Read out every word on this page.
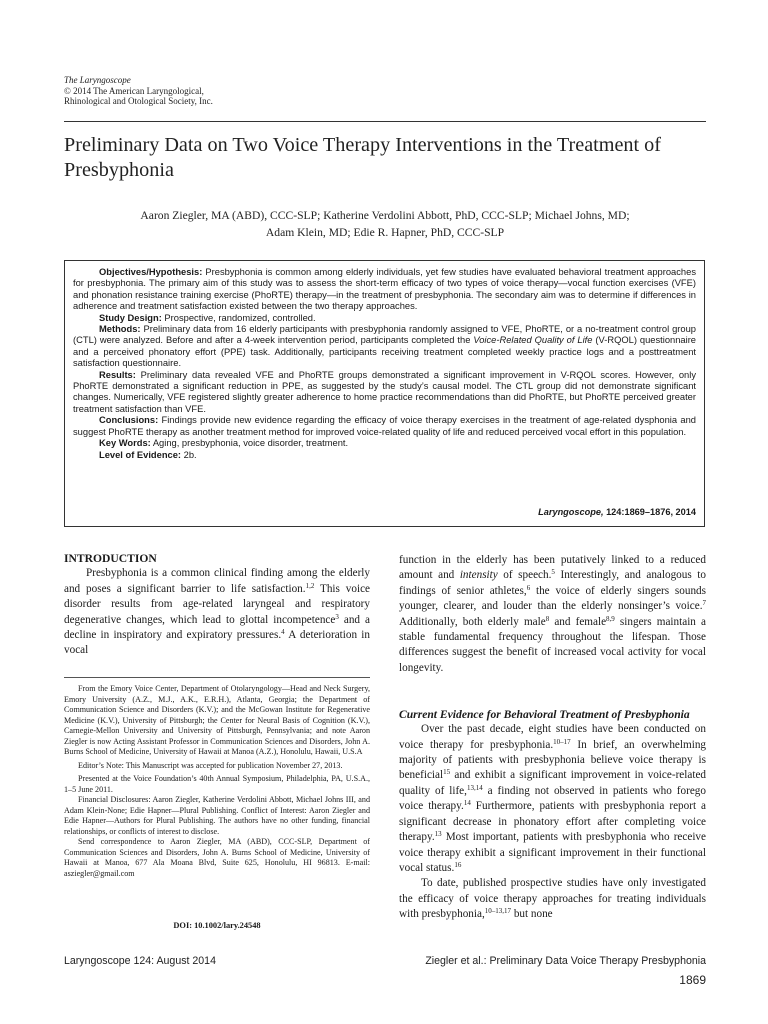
The Laryngoscope
© 2014 The American Laryngological,
Rhinological and Otological Society, Inc.
Preliminary Data on Two Voice Therapy Interventions in the Treatment of Presbyphonia
Aaron Ziegler, MA (ABD), CCC-SLP; Katherine Verdolini Abbott, PhD, CCC-SLP; Michael Johns, MD;
Adam Klein, MD; Edie R. Hapner, PhD, CCC-SLP

Objectives/Hypothesis: Presbyphonia is common among elderly individuals, yet few studies have evaluated behavioral treatment approaches for presbyphonia. The primary aim of this study was to assess the short-term efficacy of two types of voice therapy—vocal function exercises (VFE) and phonation resistance training exercise (PhoRTE) therapy—in the treatment of presbyphonia. The secondary aim was to determine if differences in adherence and treatment satisfaction existed between the two therapy approaches.

Study Design: Prospective, randomized, controlled.

Methods: Preliminary data from 16 elderly participants with presbyphonia randomly assigned to VFE, PhoRTE, or a no-treatment control group (CTL) were analyzed. Before and after a 4-week intervention period, participants completed the Voice-Related Quality of Life (V-RQOL) questionnaire and a perceived phonatory effort (PPE) task. Additionally, participants receiving treatment completed weekly practice logs and a posttreatment satisfaction questionnaire.

Results: Preliminary data revealed VFE and PhoRTE groups demonstrated a significant improvement in V-RQOL scores. However, only PhoRTE demonstrated a significant reduction in PPE, as suggested by the study’s causal model. The CTL group did not demonstrate significant changes. Numerically, VFE registered slightly greater adherence to home practice recommendations than did PhoRTE, but PhoRTE perceived greater treatment satisfaction than VFE.

Conclusions: Findings provide new evidence regarding the efficacy of voice therapy exercises in the treatment of age-related dysphonia and suggest PhoRTE therapy as another treatment method for improved voice-related quality of life and reduced perceived vocal effort in this population.

Key Words: Aging, presbyphonia, voice disorder, treatment.

Level of Evidence: 2b.

Laryngoscope, 124:1869–1876, 2014
INTRODUCTION

Presbyphonia is a common clinical finding among the elderly and poses a significant barrier to life satisfaction.$^{1,2}$ This voice disorder results from age-related laryngeal and respiratory degenerative changes, which lead to glottal incompetence$^3$ and a decline in inspiratory and expiratory pressures.$^4$ A deterioration in vocal

From the Emory Voice Center, Department of Otolaryngology—Head and Neck Surgery, Emory University (A.Z., M.J., A.K., E.R.H.), Atlanta, Georgia; the Department of Communication Science and Disorders (K.V.); and the McGowan Institute for Regenerative Medicine (K.V.), University of Pittsburgh; the Center for Neural Basis of Cognition (K.V.), Carnegie-Mellon University and University of Pittsburgh, Pennsylvania; and note Aaron Ziegler is now Acting Assistant Professor in Communication Sciences and Disorders, John A. Burns School of Medicine, University of Hawaii at Manoa (A.Z.), Honolulu, Hawaii, U.S.A

Editor’s Note: This Manuscript was accepted for publication November 27, 2013.

Presented at the Voice Foundation’s 40th Annual Symposium, Philadelphia, PA, U.S.A., 1–5 June 2011.

Financial Disclosures: Aaron Ziegler, Katherine Verdolini Abbott, Michael Johns III, and Adam Klein-None; Edie Hapner—Plural Publishing. Conflict of Interest: Aaron Ziegler and Edie Hapner—Authors for Plural Publishing. The authors have no other funding, financial relationships, or conflicts of interest to disclose.

Send correspondence to Aaron Ziegler, MA (ABD), CCC-SLP, Department of Communication Sciences and Disorders, John A. Burns School of Medicine, University of Hawaii at Manoa, 677 Ala Moana Blvd, Suite 625, Honolulu, HI 96813. E-mail: asziegler@gmail.com

DOI: 10.1002/lary.24548

function in the elderly has been putatively linked to a reduced amount and intensity of speech.$^5$ Interestingly, and analogous to findings of senior athletes,$^6$ the voice of elderly singers sounds younger, clearer, and louder than the elderly nonsinger’s voice.$^7$ Additionally, both elderly male$^8$ and female$^{8,9}$ singers maintain a stable fundamental frequency throughout the lifespan. Those differences suggest the benefit of increased vocal activity for vocal longevity.

Current Evidence for Behavioral Treatment of Presbyphonia

Over the past decade, eight studies have been conducted on voice therapy for presbyphonia.$^{10-17}$ In brief, an overwhelming majority of patients with presbyphonia believe voice therapy is beneficial$^{15}$ and exhibit a significant improvement in voice-related quality of life,$^{13,14}$ a finding not observed in patients who forego voice therapy.$^{14}$ Furthermore, patients with presbyphonia report a significant decrease in phonatory effort after completing voice therapy.$^{13}$ Most important, patients with presbyphonia who receive voice therapy exhibit a significant improvement in their functional vocal status.$^{16}$

To date, published prospective studies have only investigated the efficacy of voice therapy approaches for treating individuals with presbyphonia,$^{10-13,17}$ but none

Laryngoscope 124: August 2014	Ziegler et al.: Preliminary Data Voice Therapy Presbyphonia
1869
